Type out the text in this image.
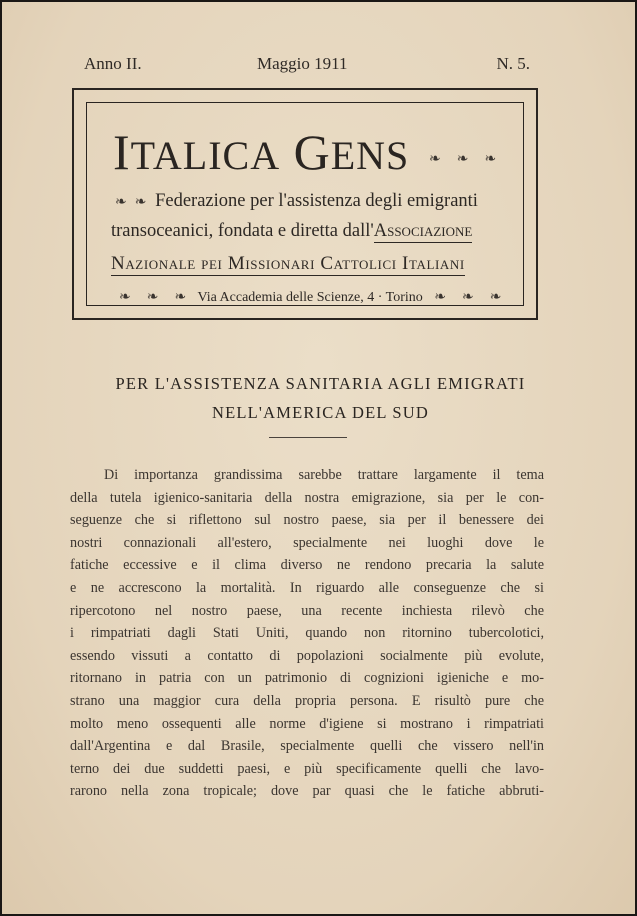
Anno II.	Maggio 1911	N. 5.
ITALICA GENS	❧ ❧ ❧
❧ ❧ Federazione per l'assistenza degli emigranti
transoceanici, fondata e diretta dall'Associazione
Nazionale pei Missionari Cattolici Italiani
❧ ❧ ❧ Via Accademia delle Scienze, 4 · Torino ❧ ❧ ❧
PER L'ASSISTENZA SANITARIA AGLI EMIGRATI
NELL'AMERICA DEL SUD
Di importanza grandissima sarebbe trattare largamente il tema
della tutela igienico-sanitaria della nostra emigrazione, sia per le con-
seguenze che si riflettono sul nostro paese, sia per il benessere dei
nostri connazionali all'estero, specialmente nei luoghi dove le
fatiche eccessive e il clima diverso ne rendono precaria la salute
e ne accrescono la mortalità. In riguardo alle conseguenze che si
ripercotono nel nostro paese, una recente inchiesta rilevò che
i rimpatriati dagli Stati Uniti, quando non ritornino tubercolotici,
essendo vissuti a contatto di popolazioni socialmente più evolute,
ritornano in patria con un patrimonio di cognizioni igieniche e mo-
strano una maggior cura della propria persona. E risultò pure che
molto meno ossequenti alle norme d'igiene si mostrano i rimpatriati
dall'Argentina e dal Brasile, specialmente quelli che vissero nell'in
terno dei due suddetti paesi, e più specificamente quelli che lavo-
rarono nella zona tropicale; dove par quasi che le fatiche abbruti-
